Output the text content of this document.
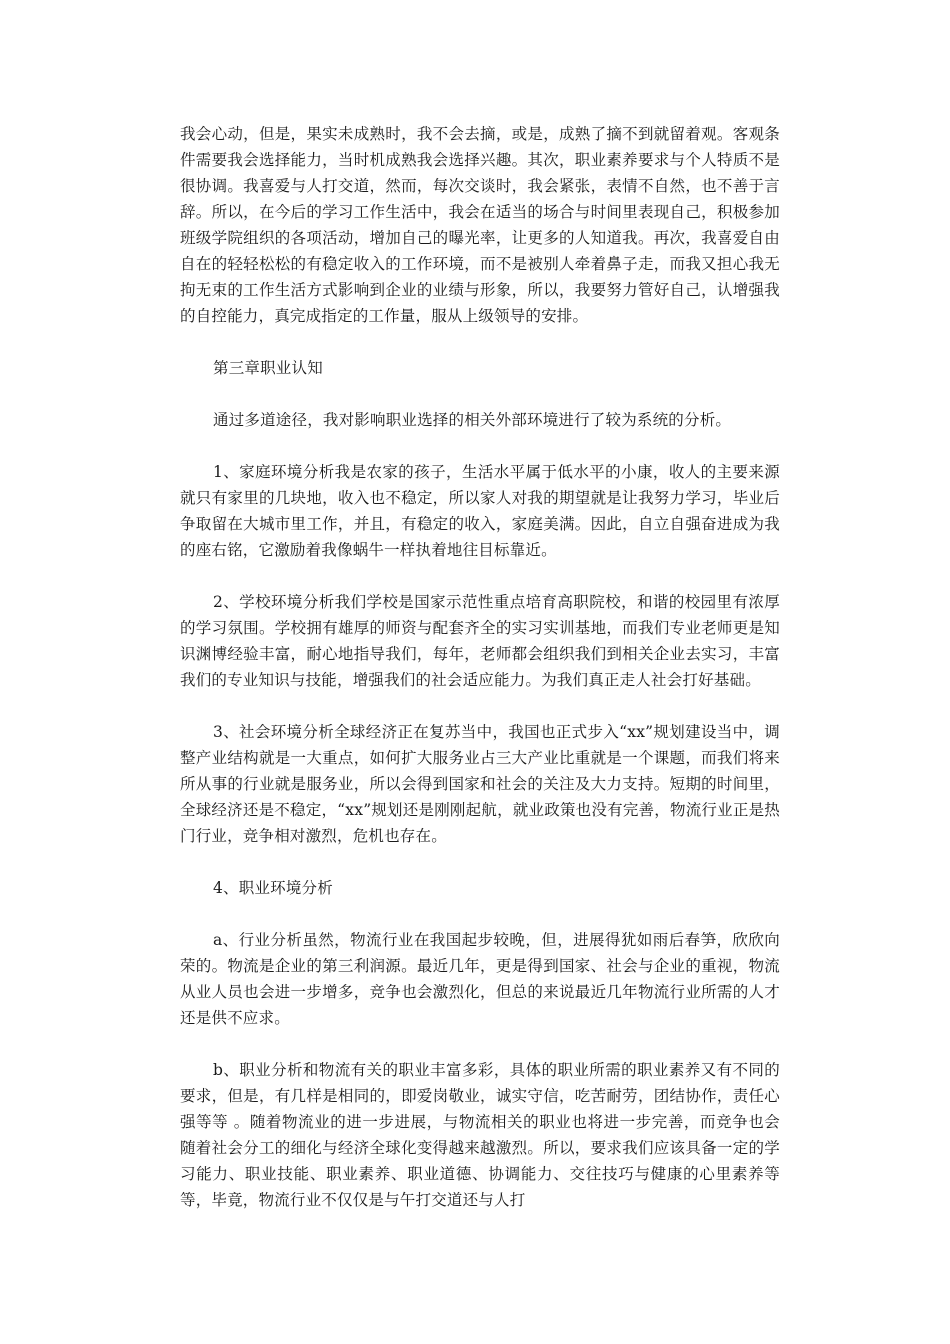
我会心动，但是，果实未成熟时，我不会去摘，或是，成熟了摘不到就留着观。客观条件需要我会选择能力，当时机成熟我会选择兴趣。其次，职业素养要求与个人特质不是很协调。我喜爱与人打交道，然而，每次交谈时，我会紧张，表情不自然，也不善于言辞。所以，在今后的学习工作生活中，我会在适当的场合与时间里表现自己，积极参加班级学院组织的各项活动，增加自己的曝光率，让更多的人知道我。再次，我喜爱自由自在的轻轻松松的有稳定收入的工作环境，而不是被别人牵着鼻子走，而我又担心我无拘无束的工作生活方式影响到企业的业绩与形象，所以，我要努力管好自己，认增强我的自控能力，真完成指定的工作量，服从上级领导的安排。

第三章职业认知

通过多道途径，我对影响职业选择的相关外部环境进行了较为系统的分析。

1、家庭环境分析我是农家的孩子，生活水平属于低水平的小康，收人的主要来源就只有家里的几块地，收入也不稳定，所以家人对我的期望就是让我努力学习，毕业后争取留在大城市里工作，并且，有稳定的收入，家庭美满。因此，自立自强奋进成为我的座右铭，它激励着我像蜗牛一样执着地往目标靠近。

2、学校环境分析我们学校是国家示范性重点培育高职院校，和谐的校园里有浓厚的学习氛围。学校拥有雄厚的师资与配套齐全的实习实训基地，而我们专业老师更是知识渊博经验丰富，耐心地指导我们，每年，老师都会组织我们到相关企业去实习，丰富我们的专业知识与技能，增强我们的社会适应能力。为我们真正走人社会打好基础。

3、社会环境分析全球经济正在复苏当中，我国也正式步入“xx”规划建设当中，调整产业结构就是一大重点，如何扩大服务业占三大产业比重就是一个课题，而我们将来所从事的行业就是服务业，所以会得到国家和社会的关注及大力支持。短期的时间里，全球经济还是不稳定，“xx”规划还是刚刚起航，就业政策也没有完善，物流行业正是热门行业，竞争相对激烈，危机也存在。

4、职业环境分析

a、行业分析虽然，物流行业在我国起步较晚，但，进展得犹如雨后春笋，欣欣向荣的。物流是企业的第三利润源。最近几年，更是得到国家、社会与企业的重视，物流从业人员也会进一步增多，竞争也会激烈化，但总的来说最近几年物流行业所需的人才还是供不应求。

b、职业分析和物流有关的职业丰富多彩，具体的职业所需的职业素养又有不同的要求，但是，有几样是相同的，即爱岗敬业，诚实守信，吃苦耐劳，团结协作，责任心强等等 。随着物流业的进一步进展，与物流相关的职业也将进一步完善，而竞争也会随着社会分工的细化与经济全球化变得越来越激烈。所以，要求我们应该具备一定的学习能力、职业技能、职业素养、职业道德、协调能力、交往技巧与健康的心里素养等等，毕竟，物流行业不仅仅是与午打交道还与人打
